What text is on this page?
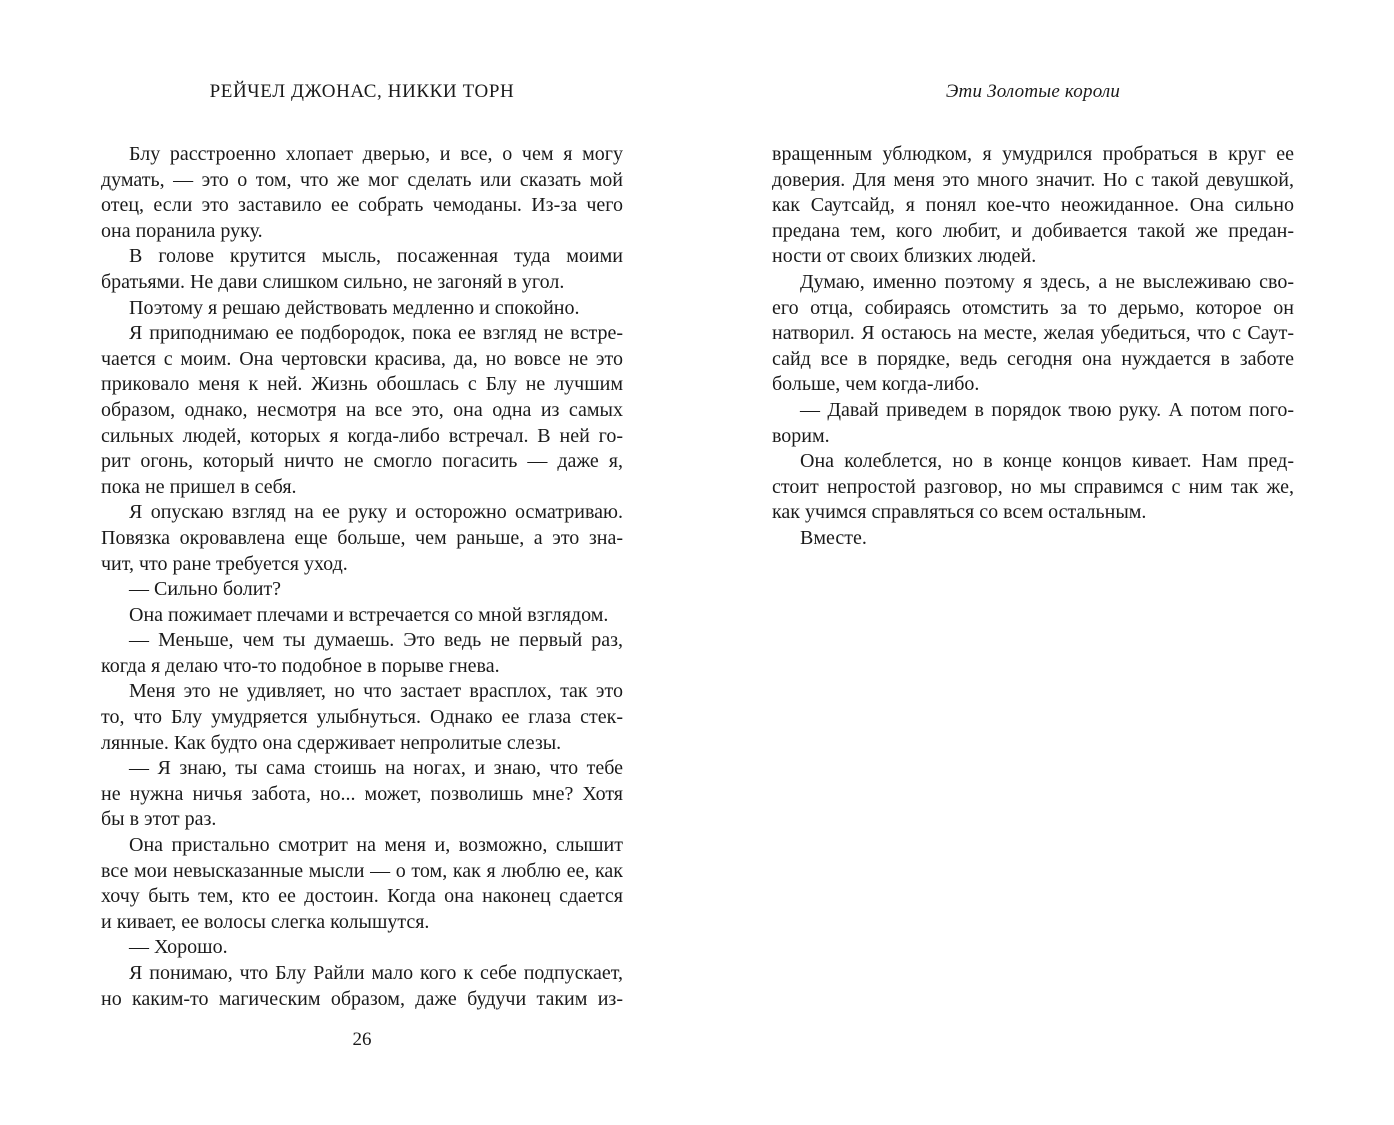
РЕЙЧЕЛ ДЖОНАС, НИККИ ТОРН
Блу расстроенно хлопает дверью, и все, о чем я могу
думать, — это о том, что же мог сделать или сказать мой
отец, если это заставило ее собрать чемоданы. Из-за чего
она поранила руку.
В голове крутится мысль, посаженная туда моими
братьями. Не дави слишком сильно, не загоняй в угол.
Поэтому я решаю действовать медленно и спокойно.
Я приподнимаю ее подбородок, пока ее взгляд не встре-
чается с моим. Она чертовски красива, да, но вовсе не это
приковало меня к ней. Жизнь обошлась с Блу не лучшим
образом, однако, несмотря на все это, она одна из самых
сильных людей, которых я когда-либо встречал. В ней го-
рит огонь, который ничто не смогло погасить — даже я,
пока не пришел в себя.
Я опускаю взгляд на ее руку и осторожно осматриваю.
Повязка окровавлена еще больше, чем раньше, а это зна-
чит, что ране требуется уход.
— Сильно болит?
Она пожимает плечами и встречается со мной взглядом.
— Меньше, чем ты думаешь. Это ведь не первый раз,
когда я делаю что-то подобное в порыве гнева.
Меня это не удивляет, но что застает врасплох, так это
то, что Блу умудряется улыбнуться. Однако ее глаза стек-
лянные. Как будто она сдерживает непролитые слезы.
— Я знаю, ты сама стоишь на ногах, и знаю, что тебе
не нужна ничья забота, но... может, позволишь мне? Хотя
бы в этот раз.
Она пристально смотрит на меня и, возможно, слышит
все мои невысказанные мысли — о том, как я люблю ее, как
хочу быть тем, кто ее достоин. Когда она наконец сдается
и кивает, ее волосы слегка колышутся.
— Хорошо.
Я понимаю, что Блу Райли мало кого к себе подпускает,
но каким-то магическим образом, даже будучи таким из-
26
Эти Золотые короли
вращенным ублюдком, я умудрился пробраться в круг ее
доверия. Для меня это много значит. Но с такой девушкой,
как Саутсайд, я понял кое-что неожиданное. Она сильно
предана тем, кого любит, и добивается такой же предан-
ности от своих близких людей.
Думаю, именно поэтому я здесь, а не выслеживаю сво-
его отца, собираясь отомстить за то дерьмо, которое он
натворил. Я остаюсь на месте, желая убедиться, что с Саут-
сайд все в порядке, ведь сегодня она нуждается в заботе
больше, чем когда-либо.
— Давай приведем в порядок твою руку. А потом пого-
ворим.
Она колеблется, но в конце концов кивает. Нам пред-
стоит непростой разговор, но мы справимся с ним так же,
как учимся справляться со всем остальным.
Вместе.
